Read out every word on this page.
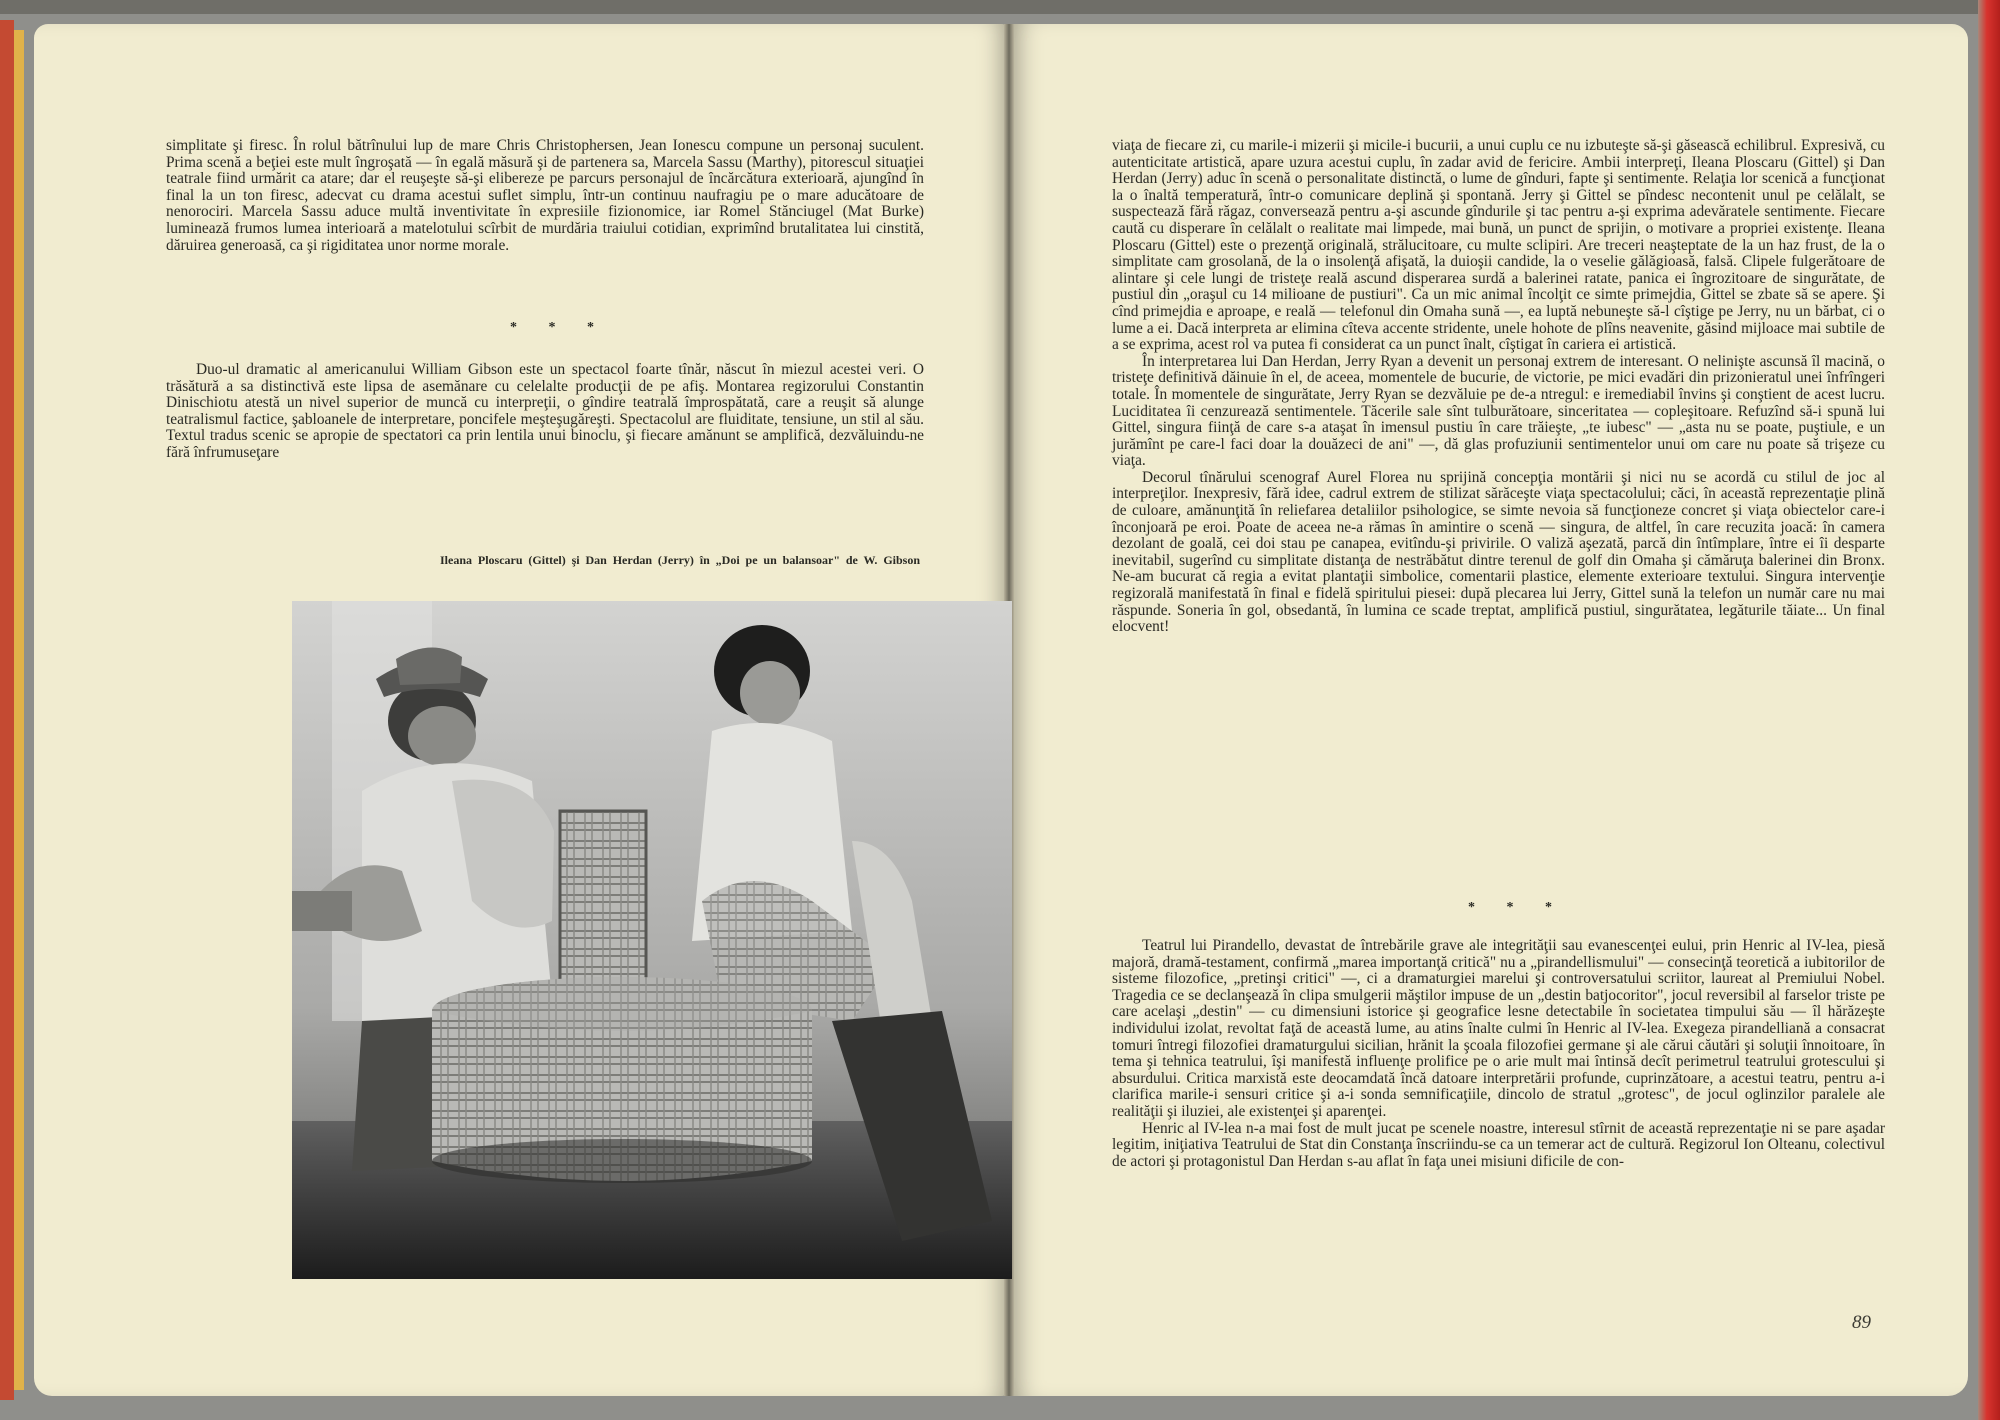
simplitate şi firesc. În rolul bătrînului lup de mare Chris Christophersen, Jean Ionescu compune un personaj suculent. Prima scenă a beţiei este mult îngroşată — în egală măsură şi de partenera sa, Marcela Sassu (Marthy), pitorescul situaţiei teatrale fiind urmărit ca atare; dar el reuşeşte să-şi elibereze pe parcurs personajul de încărcătura exterioară, ajungînd în final la un ton firesc, adecvat cu drama acestui suflet simplu, într-un continuu naufragiu pe o mare aducătoare de nenorociri. Marcela Sassu aduce multă inventivitate în expresiile fizionomice, iar Romel Stănciugel (Mat Burke) luminează frumos lumea interioară a matelotului scîrbit de murdăria traiului cotidian, exprimînd brutalitatea lui cinstită, dăruirea generoasă, ca şi rigiditatea unor norme morale.

* * *

Duo-ul dramatic al americanului William Gibson este un spectacol foarte tînăr, născut în miezul acestei veri. O trăsătură a sa distinctivă este lipsa de asemănare cu celelalte producţii de pe afiş. Montarea regizorului Constantin Dinischiotu atestă un nivel superior de muncă cu interpreţii, o gîndire teatrală împrospătată, care a reuşit să alunge teatralismul factice, şabloanele de interpretare, poncifele meşteşugăreşti. Spectacolul are fluiditate, tensiune, un stil al său. Textul tradus scenic se apropie de spectatori ca prin lentila unui binoclu, şi fiecare amănunt se amplifică, dezvăluindu-ne fără înfrumuseţare

Ileana Ploscaru (Gittel) şi Dan Herdan (Jerry) în „Doi pe un balansoar" de W. Gibson

viaţa de fiecare zi, cu marile-i mizerii şi micile-i bucurii, a unui cuplu ce nu izbuteşte să-şi găsească echilibrul. Expresivă, cu autenticitate artistică, apare uzura acestui cuplu, în zadar avid de fericire. Ambii interpreţi, Ileana Ploscaru (Gittel) şi Dan Herdan (Jerry) aduc în scenă o personalitate distinctă, o lume de gînduri, fapte şi sentimente. Relaţia lor scenică a funcţionat la o înaltă temperatură, într-o comunicare deplină şi spontană. Jerry şi Gittel se pîndesc necontenit unul pe celălalt, se suspectează fără răgaz, conversează pentru a-şi ascunde gîndurile şi tac pentru a-şi exprima adevăratele sentimente. Fiecare caută cu disperare în celălalt o realitate mai limpede, mai bună, un punct de sprijin, o motivare a propriei existenţe. Ileana Ploscaru (Gittel) este o prezenţă originală, strălucitoare, cu multe sclipiri. Are treceri neaşteptate de la un haz frust, de la o simplitate cam grosolană, de la o insolenţă afişată, la duioşii candide, la o veselie gălăgioasă, falsă. Clipele fulgerătoare de alintare şi cele lungi de tristeţe reală ascund disperarea surdă a balerinei ratate, panica ei îngrozitoare de singurătate, de pustiul din „oraşul cu 14 milioane de pustiuri". Ca un mic animal încolţit ce simte primejdia, Gittel se zbate să se apere. Şi cînd primejdia e aproape, e reală — telefonul din Omaha sună —, ea luptă nebuneşte să-l cîştige pe Jerry, nu un bărbat, ci o lume a ei. Dacă interpreta ar elimina cîteva accente stridente, unele hohote de plîns neavenite, găsind mijloace mai subtile de a se exprima, acest rol va putea fi considerat ca un punct înalt, cîştigat în cariera ei artistică.

În interpretarea lui Dan Herdan, Jerry Ryan a devenit un personaj extrem de interesant. O nelinişte ascunsă îl macină, o tristeţe definitivă dăinuie în el, de aceea, momentele de bucurie, de victorie, pe mici evadări din prizonieratul unei înfrîngeri totale. În momentele de singurătate, Jerry Ryan se dezvăluie pe de-a ntregul: e iremediabil învins şi conştient de acest lucru. Luciditatea îi cenzurează sentimentele. Tăcerile sale sînt tulburătoare, sinceritatea — copleşitoare. Refuzînd să-i spună lui Gittel, singura fiinţă de care s-a ataşat în imensul pustiu în care trăieşte, „te iubesc" — „asta nu se poate, puştiule, e un jurămînt pe care-l faci doar la douăzeci de ani" —, dă glas profuziunii sentimentelor unui om care nu poate să trişeze cu viaţa.

Decorul tînărului scenograf Aurel Florea nu sprijină concepţia montării şi nici nu se acordă cu stilul de joc al interpreţilor. Inexpresiv, fără idee, cadrul extrem de stilizat sărăceşte viaţa spectacolului; căci, în această reprezentaţie plină de culoare, amănunţită în reliefarea detaliilor psihologice, se simte nevoia să funcţioneze concret şi viaţa obiectelor care-i înconjoară pe eroi. Poate de aceea ne-a rămas în amintire o scenă — singura, de altfel, în care recuzita joacă: în camera dezolant de goală, cei doi stau pe canapea, evitîndu-şi privirile. O valiză aşezată, parcă din întîmplare, între ei îi desparte inevitabil, sugerînd cu simplitate distanţa de nestrăbătut dintre terenul de golf din Omaha şi cămăruţa balerinei din Bronx. Ne-am bucurat că regia a evitat plantaţii simbolice, comentarii plastice, elemente exterioare textului. Singura intervenţie regizorală manifestată în final e fidelă spiritului piesei: după plecarea lui Jerry, Gittel sună la telefon un număr care nu mai răspunde. Soneria în gol, obsedantă, în lumina ce scade treptat, amplifică pustiul, singurătatea, legăturile tăiate... Un final elocvent!

* * *

Teatrul lui Pirandello, devastat de întrebările grave ale integrităţii sau evanescenţei eului, prin Henric al IV-lea, piesă majoră, dramă-testament, confirmă „marea importanţă critică" nu a „pirandellismului" — consecinţă teoretică a iubitorilor de sisteme filozofice, „pretinşi critici" —, ci a dramaturgiei marelui şi controversatului scriitor, laureat al Premiului Nobel. Tragedia ce se declanşează în clipa smulgerii măştilor impuse de un „destin batjocoritor", jocul reversibil al farselor triste pe care acelaşi „destin" — cu dimensiuni istorice şi geografice lesne detectabile în societatea timpului său — îl hărăzeşte individului izolat, revoltat faţă de această lume, au atins înalte culmi în Henric al IV-lea. Exegeza pirandelliană a consacrat tomuri întregi filozofiei dramaturgului sicilian, hrănit la şcoala filozofiei germane şi ale cărui căutări şi soluţii înnoitoare, în tema şi tehnica teatrului, îşi manifestă influenţe prolifice pe o arie mult mai întinsă decît perimetrul teatrului grotescului şi absurdului. Critica marxistă este deocamdată încă datoare interpretării profunde, cuprinzătoare, a acestui teatru, pentru a-i clarifica marile-i sensuri critice şi a-i sonda semnificaţiile, dincolo de stratul „grotesc", de jocul oglinzilor paralele ale realităţii şi iluziei, ale existenţei şi aparenţei.

Henric al IV-lea n-a mai fost de mult jucat pe scenele noastre, interesul stîrnit de această reprezentaţie ni se pare aşadar legitim, iniţiativa Teatrului de Stat din Constanţa înscriindu-se ca un temerar act de cultură. Regizorul Ion Olteanu, colectivul de actori şi protagonistul Dan Herdan s-au aflat în faţa unei misiuni dificile de con-

89
